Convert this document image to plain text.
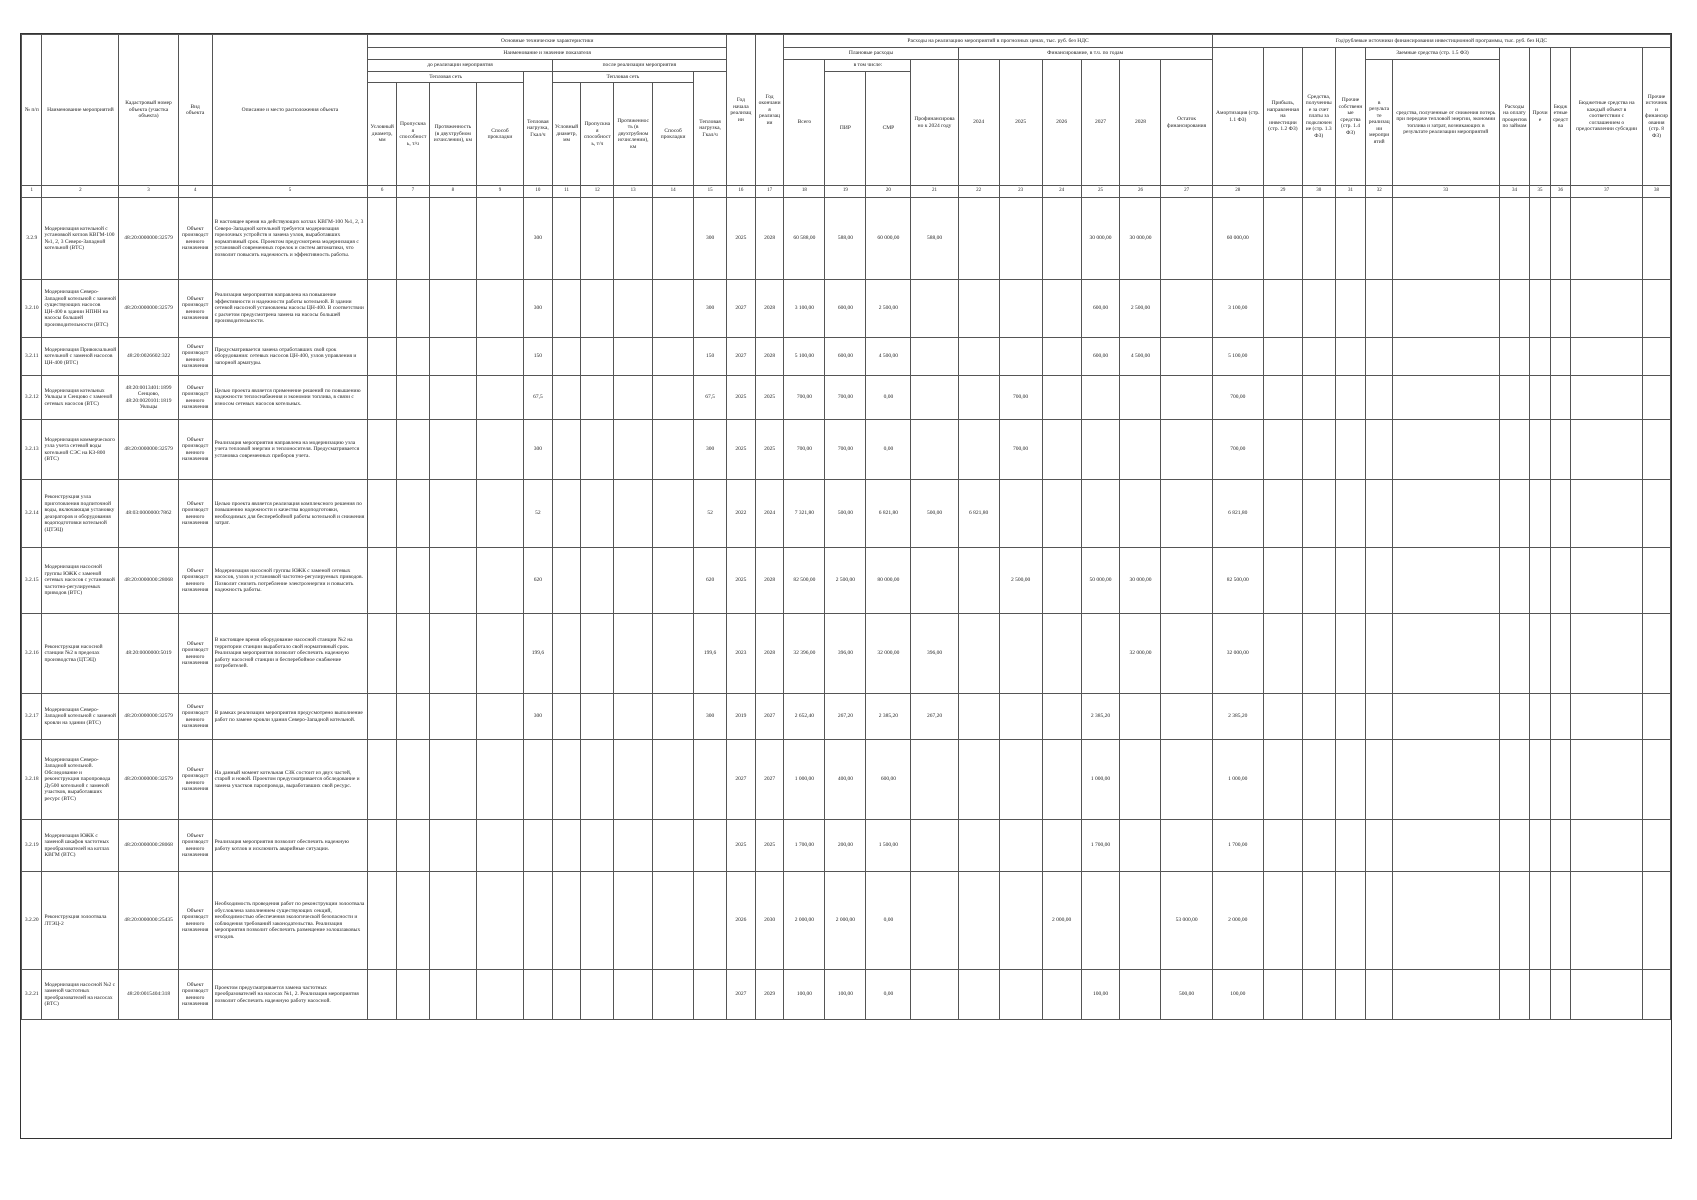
№ п/п	Наименование мероприятий	Кадастровый номер объекта (участка объекта)	Вид объекта	Описание и место расположения объекта	Основные технические характеристики										Год начала реализации	Год окончания реализации	Расходы на реализацию мероприятий в прогнозных ценах, тыс. руб. без НДС										Год\рублевые источники финансирования инвестиционной программы, тыс. руб. без НДС										
					Наименование и значение показателя												Плановые расходы				Финансирование, в т.ч. по годам						Амортизация (стр. 1.1 ФЗ)	Прибыль, направленная на инвестиции (стр. 1.2 ФЗ)	Средства, полученные за счет платы за подключение (стр. 1.3 ФЗ)	Прочие собственные средства (стр. 1.4 ФЗ)	Заемные средства (стр. 1.5 ФЗ)		Расходы на оплату процентов по займам	Прочие	Бюджетные средства	Бюджетные средства на каждый объект в соответствии с соглашением о предоставлении субсидии	Прочие источники финансирования (стр. 8 ФЗ)
					до реализации мероприятия					после реализации мероприятия							Всего	в том числе:		Профинансировано к 2024 году	2024	2025	2026	2027	2028	Остаток финансирования					в результате реализации мероприятий	средства, полученные от снижения потерь при передаче тепловой энергии, экономии топлива и затрат, возникающих в результате реализации мероприятий					
					Тепловая сеть				Тепловая нагрузка, Гкал/ч	Тепловая сеть				Тепловая нагрузка, Гкал/ч				ПИР	СМР																		
					Условный диаметр, мм	Пропускная способность, т/ч	Протяженность (в двухтрубном исчислении), км	Способ прокладки		Условный диаметр, мм	Пропускная способность, т/ч	Протяженность (в двухтрубном исчислении), км	Способ прокладки																								
1	2	3	4	5	6	7	8	9	10	11	12	13	14	15	16	17	18	19	20	21	22	23	24	25	26	27	28	29	30	31	32	33	34	35	36	37	38
3.2.9	Модернизация котельной с установкой котлов КВГМ-100 №1, 2, 3 Северо-Западной котельной (ВТС)	48:20:0000000:32579	Объект производственного назначения	В настоящее время на действующих котлах КВГМ-100 №1, 2, 3 Северо-Западной котельной требуется модернизация горелочных устройств и замена узлов, выработавших нормативный срок. Проектом предусмотрена модернизация с установкой современных горелок и систем автоматики, что позволит повысить надежность и эффективность работы.					300					300	2025	2028	60 588,00	588,00	60 000,00	588,00				30 000,00	30 000,00		60 000,00										
3.2.10	Модернизация Северо-Западной котельной с заменой существующих насосов ЦН-400 в здании НПНН на насосы большей производительности (ВТС)	48:20:0000000:32579	Объект производственного назначения	Реализация мероприятия направлена на повышение эффективности и надежности работы котельной. В здании сетевой насосной установлены насосы ЦН-400. В соответствии с расчетом предусмотрена замена на насосы большей производительности.					300					300	2027	2028	3 100,00	600,00	2 500,00					600,00	2 500,00		3 100,00										
3.2.11	Модернизация Привокзальной котельной с заменой насосов ЦН-400 (ВТС)	48:20:0026602:322	Объект производственного назначения	Предусматривается замена отработавших свой срок оборудования: сетевых насосов ЦН-400, узлов управления и запорной арматуры.					150					150	2027	2028	5 100,00	600,00	4 500,00					600,00	4 500,00		5 100,00										
3.2.12	Модернизация котельных Увльцы и Сенцово с заменой сетевых насосов (ВТС)	48:20:0013401:1899 Сенцово, 48:20:0020101:1819 Увльцы	Объект производственного назначения	Целью проекта является применение решений по повышению надежности теплоснабжения и экономии топлива, в связи с износом сетевых насосов котельных.					67,5					67,5	2025	2025	700,00	700,00	0,00			700,00					700,00										
3.2.13	Модернизация коммерческого узла учета сетевой воды котельной СЭС на КЗ-800 (ВТС)	48:20:0000000:32579	Объект производственного назначения	Реализация мероприятия направлена на модернизацию узла учета тепловой энергии и теплоносителя. Предусматривается установка современных приборов учета.					300					300	2025	2025	700,00	700,00	0,00			700,00					700,00										
3.2.14	Реконструкция узла приготовления подпиточной воды, включающая установку деаэраторов и оборудования водоподготовки котельной (ЦТЭЦ)	48:03:0000000:7862	Объект производственного назначения	Целью проекта является реализация комплексного решения по повышению надежности и качества водоподготовки, необходимых для бесперебойной работы котельной и снижения затрат.					52					52	2022	2024	7 321,80	500,00	6 821,80	500,00	6 821,80						6 821,80										
3.2.15	Модернизация насосной группы ЮЖК с заменой сетевых насосов с установкой частотно-регулируемых приводов (ВТС)	48:20:0000000:28068	Объект производственного назначения	Модернизация насосной группы ЮЖК с заменой сетевых насосов, узлов и установкой частотно-регулируемых приводов. Позволит снизить потребление электроэнергии и повысить надежность работы.					620					620	2025	2028	82 500,00	2 500,00	80 000,00			2 500,00		50 000,00	30 000,00		82 500,00										
3.2.16	Реконструкция насосной станции №2 в пределах производства (ЦТЭЦ)	48:20:0000000:5019	Объект производственного назначения	В настоящее время оборудование насосной станции №2 на территории станции выработало свой нормативный срок. Реализация мероприятия позволит обеспечить надежную работу насосной станции и бесперебойное снабжение потребителей.					199,6					199,6	2023	2028	32 396,00	396,00	32 000,00	396,00					32 000,00		32 000,00										
3.2.17	Модернизация Северо-Западной котельной с заменой кровли на здании (ВТС)	48:20:0000000:32579	Объект производственного назначения	В рамках реализации мероприятия предусмотрено выполнение работ по замене кровли здания Северо-Западной котельной.					300					300	2019	2027	2 652,40	267,20	2 385,20	267,20				2 385,20			2 385,20										
3.2.18	Модернизация Северо-Западной котельной. Обследование и реконструкция паропровода Ду500 котельной с заменой участков, выработавших ресурс (ВТС)	48:20:0000000:32579	Объект производственного назначения	На данный момент котельная СЗК состоит из двух частей, старой и новой. Проектом предусматривается обследование и замена участков паропровода, выработавших свой ресурс.											2027	2027	1 000,00	400,00	600,00					1 000,00			1 000,00										
3.2.19	Модернизация ЮЖК с заменой шкафов частотных преобразователей на котлах КВГМ (ВТС)	48:20:0000000:28068	Объект производственного назначения	Реализация мероприятия позволит обеспечить надежную работу котлов и исключить аварийные ситуации.											2025	2025	1 700,00	200,00	1 500,00					1 700,00			1 700,00										
3.2.20	Реконструкция золоотвала ЛТЭЦ-2	48:20:0000000:25435	Объект производственного назначения	Необходимость проведения работ по реконструкции золоотвала обусловлена заполнением существующих секций, необходимостью обеспечения экологической безопасности и соблюдения требований законодательства. Реализация мероприятия позволит обеспечить размещение золошлаковых отходов.											2026	2030	2 000,00	2 000,00	0,00				2 000,00			53 000,00	2 000,00										
3.2.21	Модернизация насосной №2 с заменой частотных преобразователей на насосах (ВТС)	48:20:0015404:318	Объект производственного назначения	Проектом предусматривается замена частотных преобразователей на насосах №1, 2. Реализация мероприятия позволит обеспечить надежную работу насосной.											2027	2029	100,00	100,00	0,00					100,00		500,00	100,00										
